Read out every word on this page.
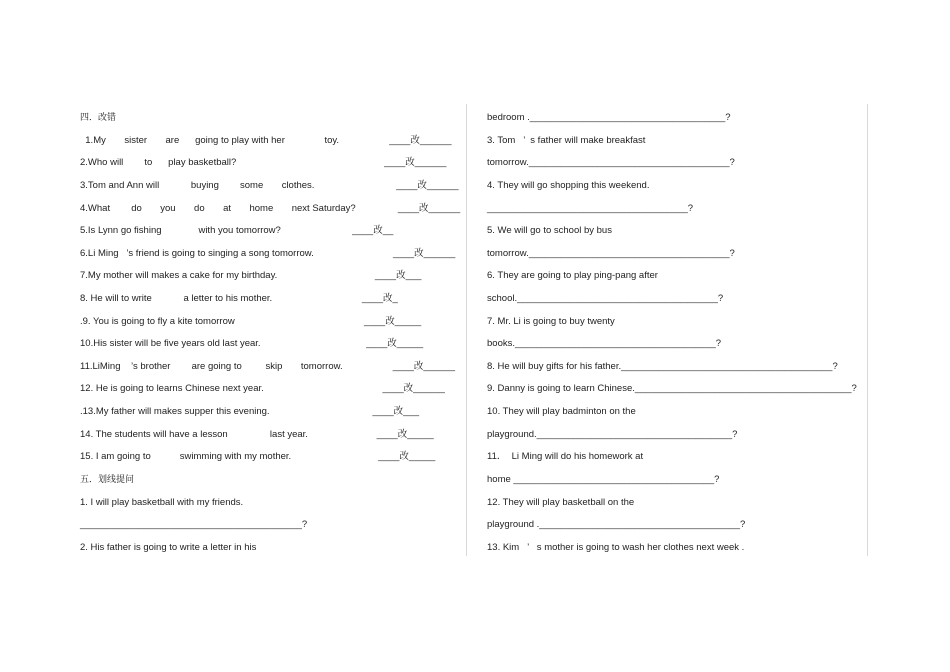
四．改错
1.My       sister       are      going to play with her               toy.                   ____改______
2.Who will        to      play basketball?                                                        ____改______
3.Tom and Ann will            buying        some       clothes.                               ____改______
4.What        do       you       do       at       home       next Saturday?                ____改______
5.Is Lynn go fishing              with you tomorrow?                           ____改__
6.Li Ming   ’s friend is going to singing a song tomorrow.                              ____改______
7.My mother will makes a cake for my birthday.                                     ____改___
8. He will to write            a letter to his mother.                                  ____改_
.9. You is going to fly a kite tomorrow                                                 ____改_____
10.His sister will be five years old last year.                                        ____改_____
11.LiMing    ’s brother        are going to         skip       tomorrow.                   ____改______
12. He is going to learns Chinese next year.                                             ____改______
.13.My father will makes supper this evening.                                       ____改___
14. The students will have a lesson                last year.                          ____改_____
15. I am going to           swimming with my mother.                                 ____改_____
五．划线提问
1. I will play basketball with my friends.
__________________________________________?
2. His father is going to write a letter in his
bedroom ._____________________________________?
3. Tom   ’  s father will make breakfast
tomorrow.______________________________________?
4. They will go shopping this weekend.
______________________________________?
5. We will go to school by bus
tomorrow.______________________________________?
6. They are going to play ping-pang after
school.______________________________________?
7. Mr. Li is going to buy twenty
books.______________________________________?
8. He will buy gifts for his father.________________________________________?
9. Danny is going to learn Chinese._________________________________________?
10. They will play badminton on the
playground._____________________________________?
11．  Li Ming will do his homework at
home ______________________________________?
12. They will play basketball on the
playground .______________________________________?
13. Kim   ’   s mother is going to wash her clothes next week .
